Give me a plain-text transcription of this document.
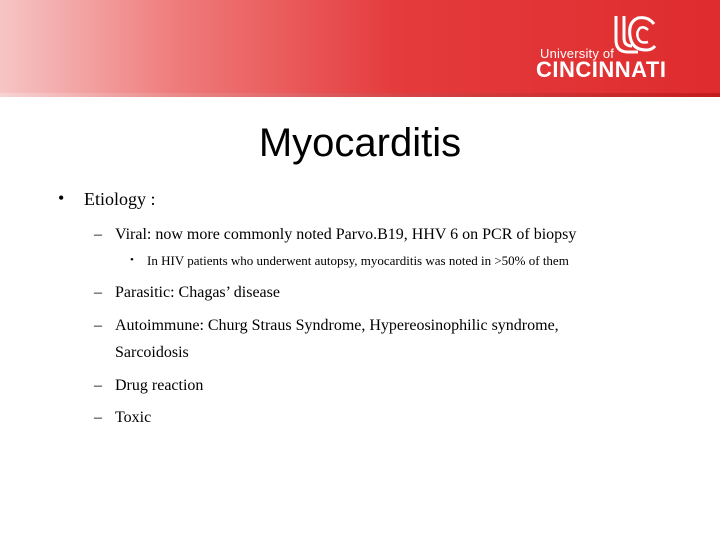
University of
CINCINNATI
Myocarditis
• Etiology :
– Viral: now more commonly noted Parvo.B19, HHV 6 on PCR of biopsy
• In HIV patients who underwent autopsy, myocarditis was noted in >50% of them
– Parasitic: Chagas’ disease
– Autoimmune: Churg Straus Syndrome, Hypereosinophilic syndrome,
Sarcoidosis
– Drug reaction
– Toxic
